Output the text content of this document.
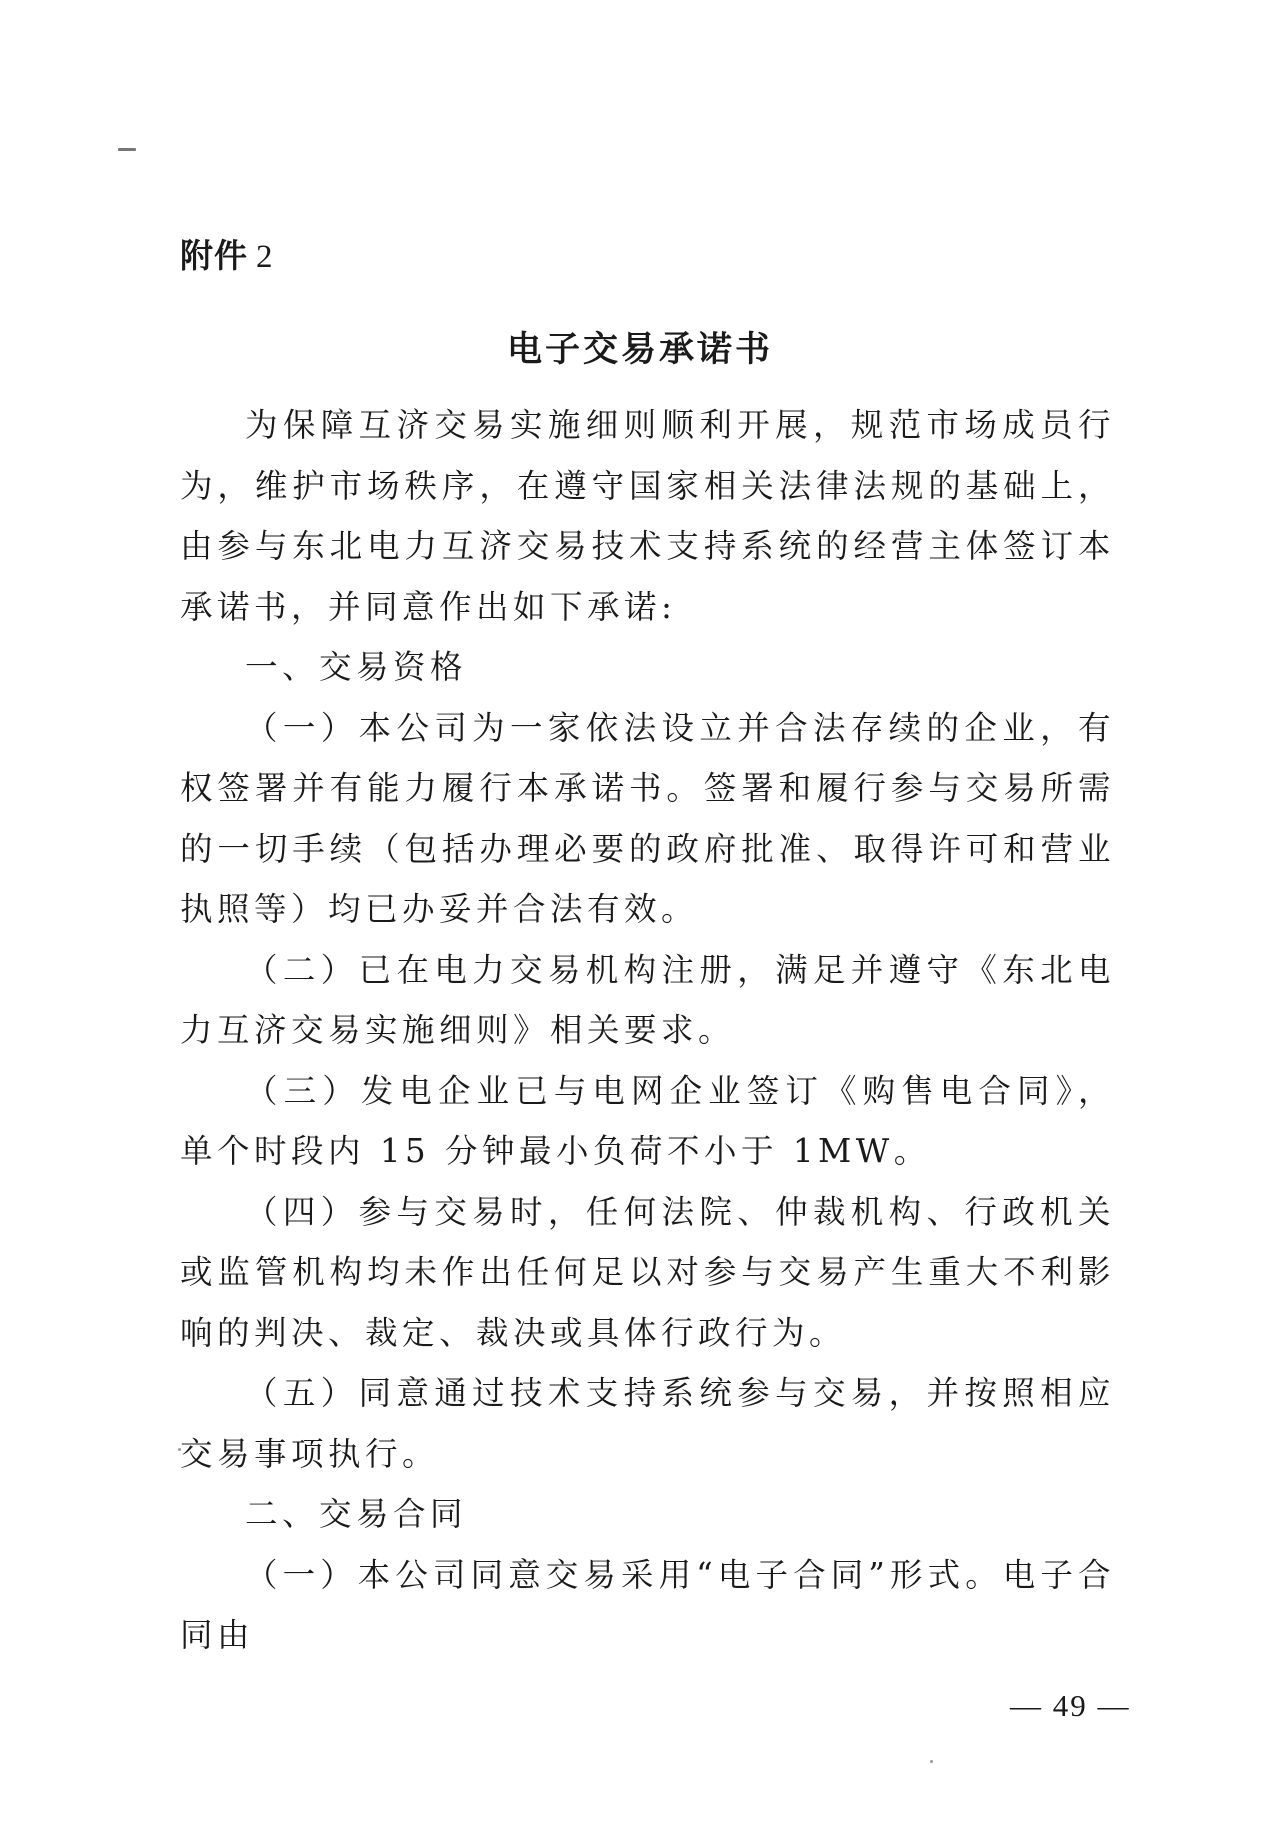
附件 2
电子交易承诺书

为保障互济交易实施细则顺利开展，规范市场成员行为，维护市场秩序，在遵守国家相关法律法规的基础上，由参与东北电力互济交易技术支持系统的经营主体签订本承诺书，并同意作出如下承诺:

一、交易资格

（一）本公司为一家依法设立并合法存续的企业，有权签署并有能力履行本承诺书。签署和履行参与交易所需的一切手续（包括办理必要的政府批准、取得许可和营业执照等）均已办妥并合法有效。

（二）已在电力交易机构注册，满足并遵守《东北电力互济交易实施细则》相关要求。

（三）发电企业已与电网企业签订《购售电合同》，单个时段内 15 分钟最小负荷不小于 1MW。

（四）参与交易时，任何法院、仲裁机构、行政机关或监管机构均未作出任何足以对参与交易产生重大不利影响的判决、裁定、裁决或具体行政行为。

（五）同意通过技术支持系统参与交易，并按照相应交易事项执行。

二、交易合同

（一）本公司同意交易采用“电子合同”形式。电子合同由

— 49 —
